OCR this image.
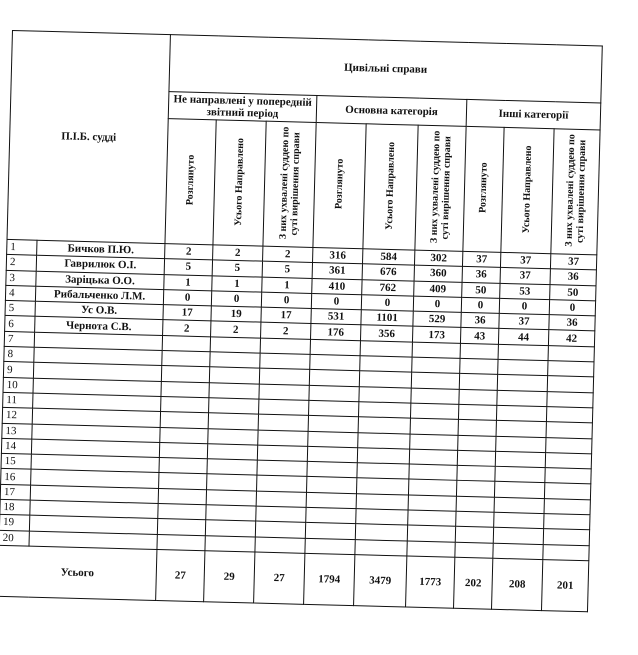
П.І.Б. судді		Цивільні справи								
		Не направлені у попередній звітний період			Основна категорія			Інші категорії		
		Розглянуто	Усього Направлено	З них ухвалені суддею по суті вирішення справи	Розглянуто	Усього Направлено	З них ухвалені суддею по суті вирішення справи	Розглянуто	Усього Направлено	З них ухвалені суддею по суті вирішення справи
1	Бичков П.Ю.	2	2	2	316	584	302	37	37	37
2	Гаврилюк О.І.	5	5	5	361	676	360	36	37	36
3	Заріцька О.О.	1	1	1	410	762	409	50	53	50
4	Рибальченко Л.М.	0	0	0	0	0	0	0	0	0
5	Ус О.В.	17	19	17	531	1101	529	36	37	36
6	Чернота С.В.	2	2	2	176	356	173	43	44	42
7										
8										
9										
10										
11										
12										
13										
14										
15										
16										
17										
18										
19										
20										
Усього		27	29	27	1794	3479	1773	202	208	201
